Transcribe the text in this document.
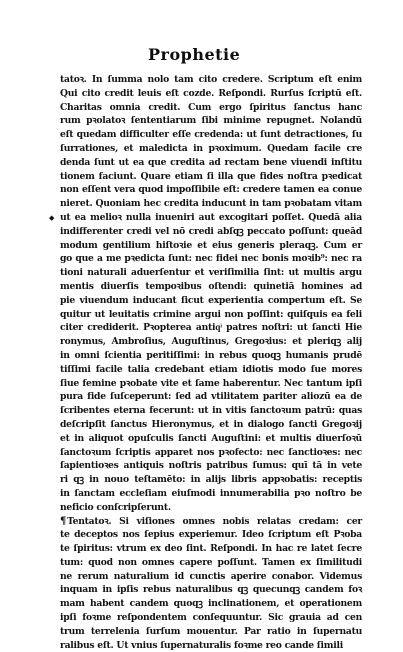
Prophetie
tatoꝛ. In ſumma nolo tam cito credere. Scriptum eſt enim
Qui cito credit leuis eſt cozde. Reſpondi. Rurſus ſcriptū eſt.
Charitas omnia credit. Cum ergo ſpiritus ſanctus hanc
rum pꝛolatoꝛ ſententiarum ſibi minime repugnet. Nolandū
eſt quedam difficulter eſſe credenda: ut ſunt detractiones, ſu
ſurrationes, et maledicta in pꝛoximum. Quedam facile cre
denda ſunt ut ea que credita ad rectam bene viuendi inſtitu
tionem faciunt. Quare etiam ſi illa que fides noſtra pꝛedicat
non eſſent vera quod impoſſibile eſt: credere tamen ea conue
nieret. Quoniam hec credita inducunt in tam pꝛobatam vitam
ut ea melioꝛ nulla inueniri aut excogitari poſſet. Quedā alia
◆
indifferenter credi vel nō credi abſqꝫ peccato poſſunt: queād
modum gentilium hiſtoꝛie et eius generis pleraqꝫ. Cum er
go que a me pꝛedicta ſunt: nec fidei nec bonis moꝛib⁹: nec ra
tioni naturali aduerſentur et veriſimilia ſint: ut multis argu
mentis diuerſis tempoꝛibus oſtendi: quinetiā homines ad
pie viuendum inducant ſicut experientia compertum eſt. Se
quitur ut leuitatis crimine argui non poſſint: quiſquis ea feli
citer crediderit. Pꝛopterea antiqͥ patres noſtri: ut ſancti Hie
ronymus, Ambroſius, Auguſtinus, Gregoꝛius: et pleriqꝫ alij
in omni ſcientia peritiſſimi: in rebus quoqꝫ humanis prudē
tiſſimi facile talia credebant etiam idiotis modo ſue mores
ſiue femine pꝛobate vite et ſame haberentur. Nec tantum ipſi
pura fide ſuſceperunt: ſed ad vtilitatem pariter aliozū ea de
ſcribentes eterna fecerunt: ut in vitis ſanctoꝛum patrū: quas
deſcripſit ſanctus Hieronymus, et in dialogo ſancti Gregoꝛij
et in aliquot opuſculis ſancti Auguſtini: et multis diuerſoꝛū
ſanctoꝛum ſcriptis apparet nos pꝛofecto: nec ſanctioꝛes: nec
ſapientioꝛes antiquis noſtris patribus ſumus: quī tā in vete
ri qꝫ in nouo teſtamēto: in alijs libris appꝛobatis: receptis
in ſanctam eccleſiam eiuſmodi innumerabilia pꝛo noſtro be
neficio conſcripſerunt.
¶Tentatoꝛ. Si viſiones omnes nobis relatas credam: cer
te deceptos nos ſepius experiemur. Ideo ſcriptum eſt Pꝛoba
te ſpiritus: vtrum ex deo ſint. Reſpondi. In hac re latet ſecre
tum: quod non omnes capere poſſunt. Tamen ex ſimilitudi
ne rerum naturalium id cunctis aperire conabor. Videmus
inquam in ipſis rebus naturalibus qꝫ quecunqꝫ candem foꝛ
mam habent candem quoqꝫ inclinationem, et operationem
ipſi foꝛme reſpondentem conſequuntur. Sic grauia ad cen
trum terrelenia ſurſum mouentur. Par ratio in ſupernatu
ralibus eſt. Ut vnius ſupernaturalis foꝛme reo cande ſimili
